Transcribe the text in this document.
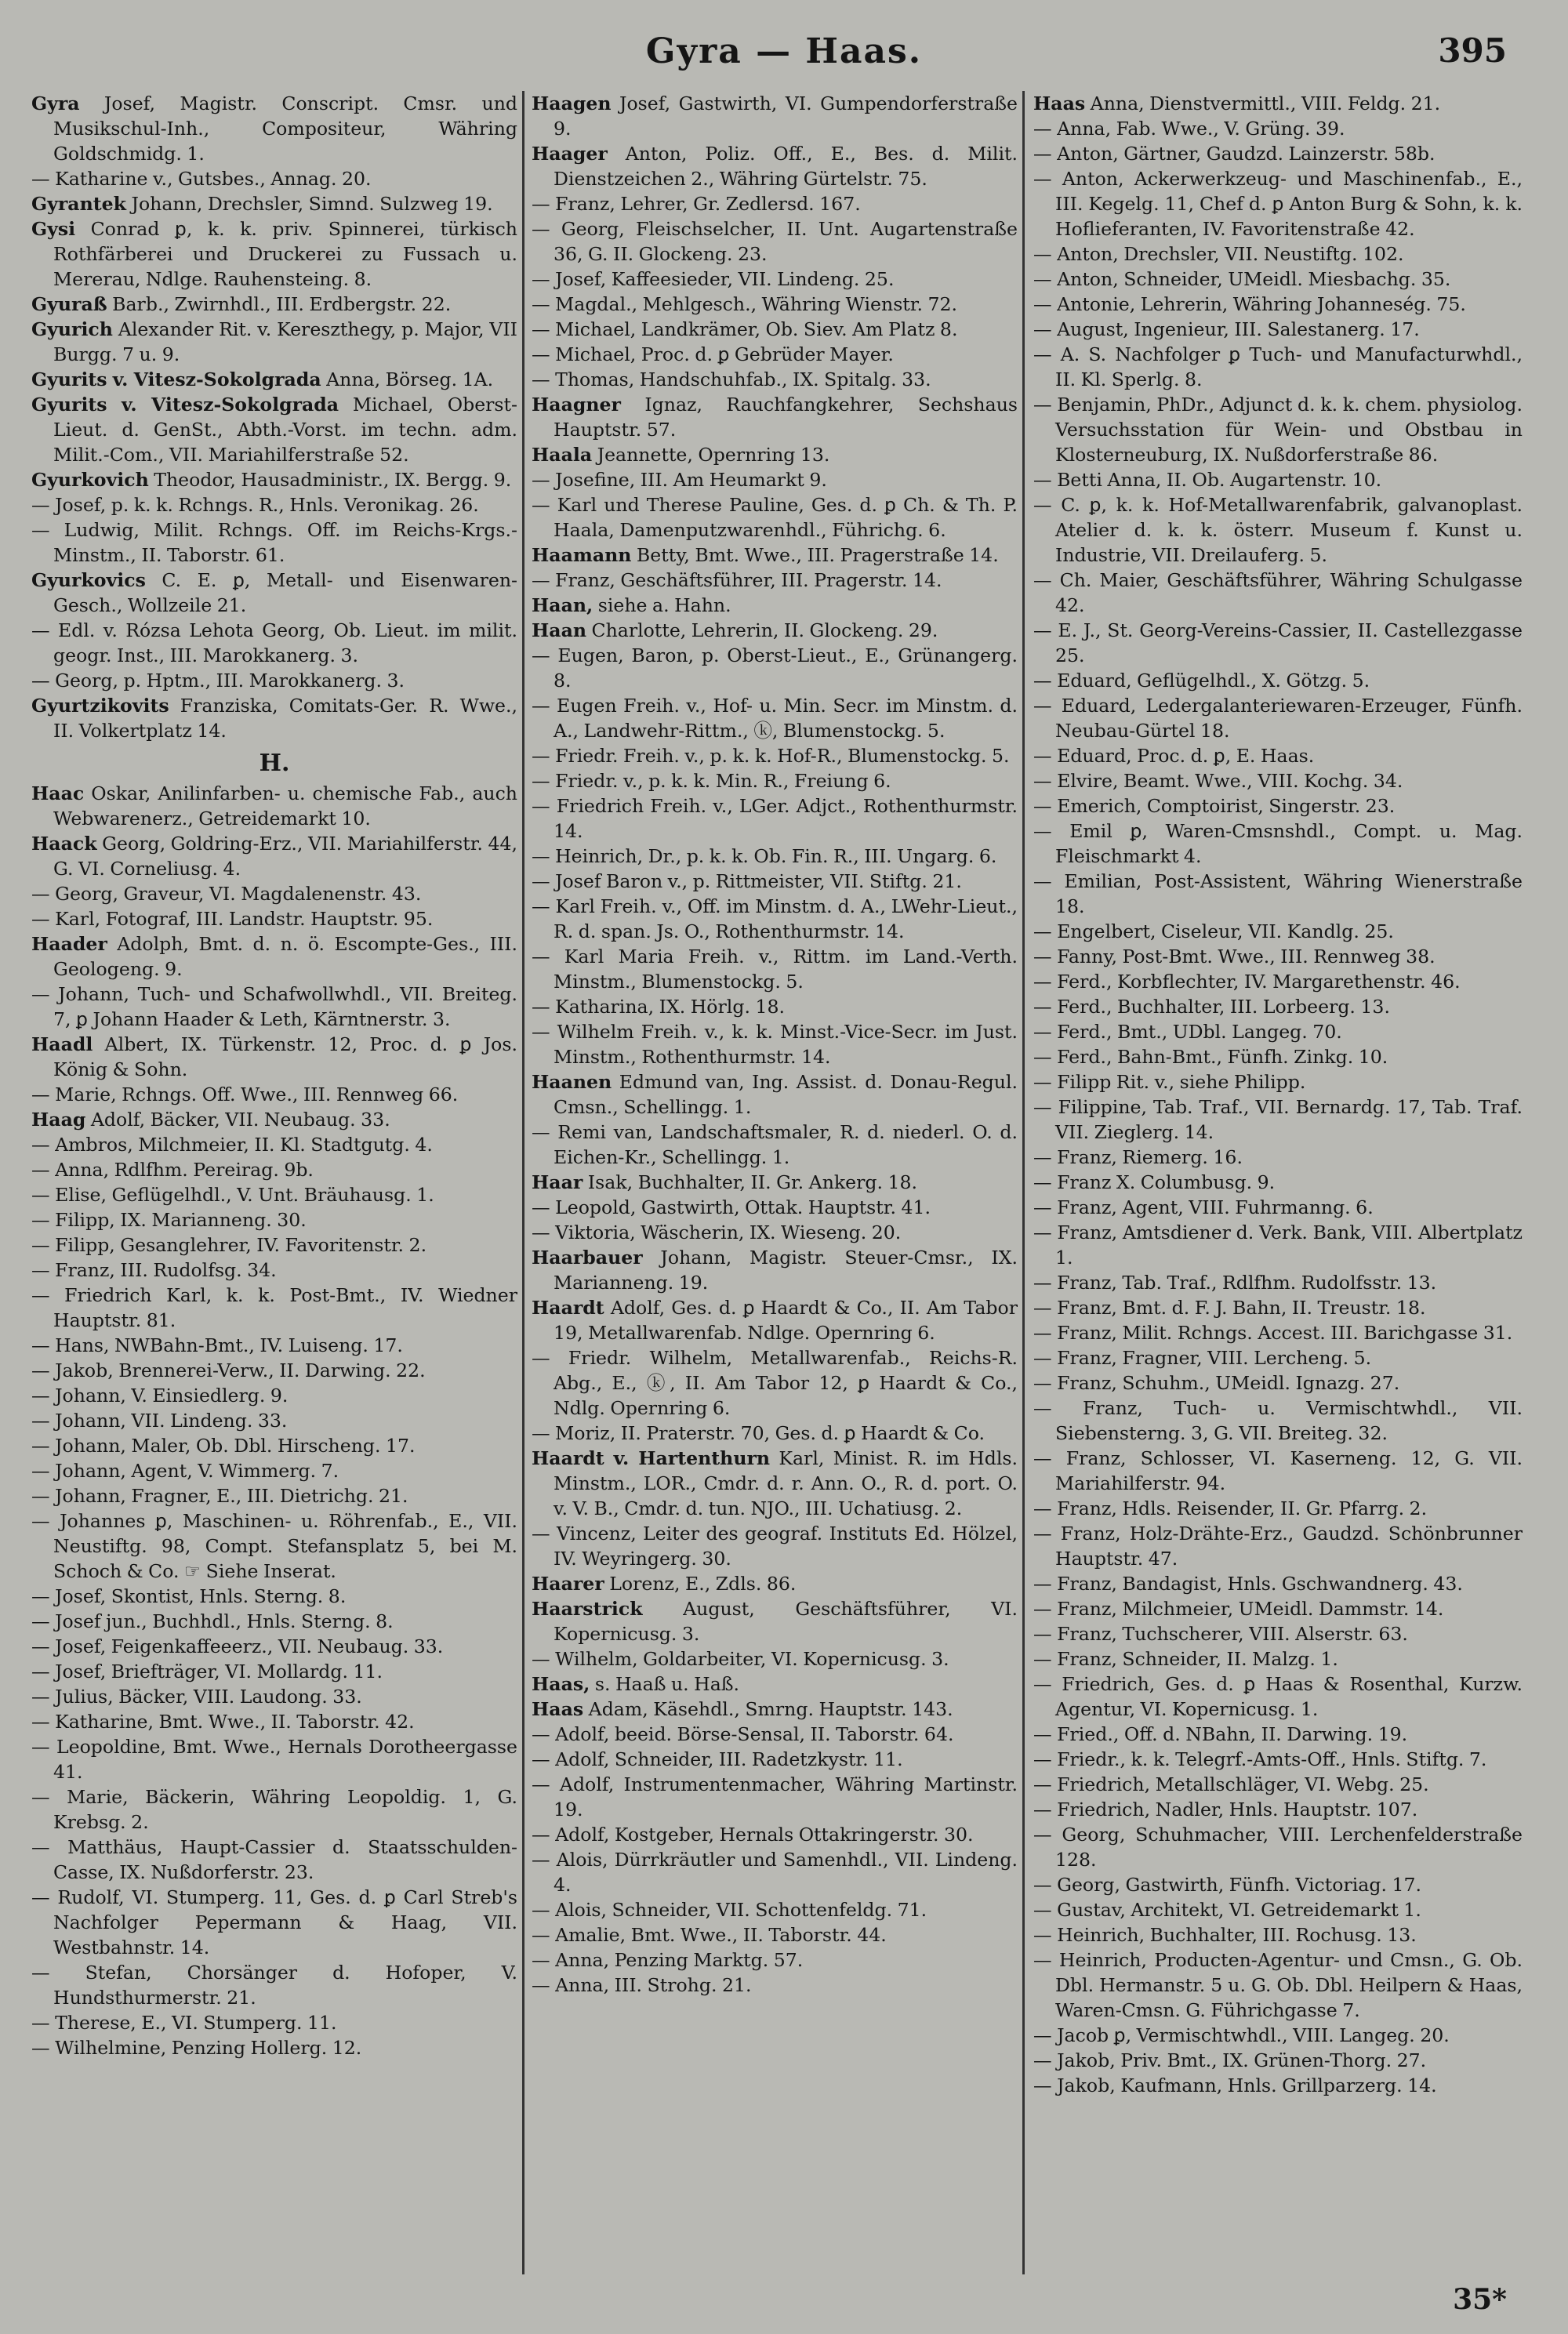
Gyra — Haas.	395

Gyra Josef, Magistr. Conscript. Cmsr. und Musikschul-Inh., Compositeur, Währing Goldschmidg. 1.

— Katharine v., Gutsbes., Annag. 20.

Gyrantek Johann, Drechsler, Simnd. Sulzweg 19.

Gysi Conrad ꝑ, k. k. priv. Spinnerei, türkisch Rothfärberei und Druckerei zu Fussach u. Mererau, Ndlge. Rauhensteing. 8.

Gyuraß Barb., Zwirnhdl., III. Erdbergstr. 22.

Gyurich Alexander Rit. v. Kereszthegy, p. Major, VII Burgg. 7 u. 9.

Gyurits v. Vitesz-Sokolgrada Anna, Börseg. 1A.

Gyurits v. Vitesz-Sokolgrada Michael, Oberst-Lieut. d. GenSt., Abth.-Vorst. im techn. adm. Milit.-Com., VII. Mariahilferstraße 52.

Gyurkovich Theodor, Hausadministr., IX. Bergg. 9.

— Josef, p. k. k. Rchngs. R., Hnls. Veronikag. 26.

— Ludwig, Milit. Rchngs. Off. im Reichs-Krgs.-Minstm., II. Taborstr. 61.

Gyurkovics C. E. ꝑ, Metall- und Eisenwaren-Gesch., Wollzeile 21.

— Edl. v. Rózsa Lehota Georg, Ob. Lieut. im milit. geogr. Inst., III. Marokkanerg. 3.

— Georg, p. Hptm., III. Marokkanerg. 3.

Gyurtzikovits Franziska, Comitats-Ger. R. Wwe., II. Volkertplatz 14.

H.

Haac Oskar, Anilinfarben- u. chemische Fab., auch Webwarenerz., Getreidemarkt 10.

Haack Georg, Goldring-Erz., VII. Mariahilferstr. 44, G. VI. Corneliusg. 4.

— Georg, Graveur, VI. Magdalenenstr. 43.

— Karl, Fotograf, III. Landstr. Hauptstr. 95.

Haader Adolph, Bmt. d. n. ö. Escompte-Ges., III. Geologeng. 9.

— Johann, Tuch- und Schafwollwhdl., VII. Breiteg. 7, ꝑ Johann Haader & Leth, Kärntnerstr. 3.

Haadl Albert, IX. Türkenstr. 12, Proc. d. ꝑ Jos. König & Sohn.

— Marie, Rchngs. Off. Wwe., III. Rennweg 66.

Haag Adolf, Bäcker, VII. Neubaug. 33.

— Ambros, Milchmeier, II. Kl. Stadtgutg. 4.

— Anna, Rdlfhm. Pereirag. 9b.

— Elise, Geflügelhdl., V. Unt. Bräuhausg. 1.

— Filipp, IX. Marianneng. 30.

— Filipp, Gesanglehrer, IV. Favoritenstr. 2.

— Franz, III. Rudolfsg. 34.

— Friedrich Karl, k. k. Post-Bmt., IV. Wiedner Hauptstr. 81.

— Hans, NWBahn-Bmt., IV. Luiseng. 17.

— Jakob, Brennerei-Verw., II. Darwing. 22.

— Johann, V. Einsiedlerg. 9.

— Johann, VII. Lindeng. 33.

— Johann, Maler, Ob. Dbl. Hirscheng. 17.

— Johann, Agent, V. Wimmerg. 7.

— Johann, Fragner, E., III. Dietrichg. 21.

— Johannes ꝑ, Maschinen- u. Röhrenfab., E., VII. Neustiftg. 98, Compt. Stefansplatz 5, bei M. Schoch & Co. ☞ Siehe Inserat.

— Josef, Skontist, Hnls. Sterng. 8.

— Josef jun., Buchhdl., Hnls. Sterng. 8.

— Josef, Feigenkaffeeerz., VII. Neubaug. 33.

— Josef, Briefträger, VI. Mollardg. 11.

— Julius, Bäcker, VIII. Laudong. 33.

— Katharine, Bmt. Wwe., II. Taborstr. 42.

— Leopoldine, Bmt. Wwe., Hernals Dorotheergasse 41.

— Marie, Bäckerin, Währing Leopoldig. 1, G. Krebsg. 2.

— Matthäus, Haupt-Cassier d. Staatsschulden-Casse, IX. Nußdorferstr. 23.

— Rudolf, VI. Stumperg. 11, Ges. d. ꝑ Carl Streb's Nachfolger Pepermann & Haag, VII. Westbahnstr. 14.

— Stefan, Chorsänger d. Hofoper, V. Hundsthurmerstr. 21.

— Therese, E., VI. Stumperg. 11.

— Wilhelmine, Penzing Hollerg. 12.

Haagen Josef, Gastwirth, VI. Gumpendorferstraße 9.

Haager Anton, Poliz. Off., E., Bes. d. Milit. Dienstzeichen 2., Währing Gürtelstr. 75.

— Franz, Lehrer, Gr. Zedlersd. 167.

— Georg, Fleischselcher, II. Unt. Augartenstraße 36, G. II. Glockeng. 23.

— Josef, Kaffeesieder, VII. Lindeng. 25.

— Magdal., Mehlgesch., Währing Wienstr. 72.

— Michael, Landkrämer, Ob. Siev. Am Platz 8.

— Michael, Proc. d. ꝑ Gebrüder Mayer.

— Thomas, Handschuhfab., IX. Spitalg. 33.

Haagner Ignaz, Rauchfangkehrer, Sechshaus Hauptstr. 57.

Haala Jeannette, Opernring 13.

— Josefine, III. Am Heumarkt 9.

— Karl und Therese Pauline, Ges. d. ꝑ Ch. & Th. P. Haala, Damenputzwarenhdl., Führichg. 6.

Haamann Betty, Bmt. Wwe., III. Pragerstraße 14.

— Franz, Geschäftsführer, III. Pragerstr. 14.

Haan, siehe a. Hahn.

Haan Charlotte, Lehrerin, II. Glockeng. 29.

— Eugen, Baron, p. Oberst-Lieut., E., Grünangerg. 8.

— Eugen Freih. v., Hof- u. Min. Secr. im Minstm. d. A., Landwehr-Rittm., ⓚ, Blumenstockg. 5.

— Friedr. Freih. v., p. k. k. Hof-R., Blumenstockg. 5.

— Friedr. v., p. k. k. Min. R., Freiung 6.

— Friedrich Freih. v., LGer. Adjct., Rothenthurmstr. 14.

— Heinrich, Dr., p. k. k. Ob. Fin. R., III. Ungarg. 6.

— Josef Baron v., p. Rittmeister, VII. Stiftg. 21.

— Karl Freih. v., Off. im Minstm. d. A., LWehr-Lieut., R. d. span. Js. O., Rothenthurmstr. 14.

— Karl Maria Freih. v., Rittm. im Land.-Verth. Minstm., Blumenstockg. 5.

— Katharina, IX. Hörlg. 18.

— Wilhelm Freih. v., k. k. Minst.-Vice-Secr. im Just. Minstm., Rothenthurmstr. 14.

Haanen Edmund van, Ing. Assist. d. Donau-Regul. Cmsn., Schellingg. 1.

— Remi van, Landschaftsmaler, R. d. niederl. O. d. Eichen-Kr., Schellingg. 1.

Haar Isak, Buchhalter, II. Gr. Ankerg. 18.

— Leopold, Gastwirth, Ottak. Hauptstr. 41.

— Viktoria, Wäscherin, IX. Wieseng. 20.

Haarbauer Johann, Magistr. Steuer-Cmsr., IX. Marianneng. 19.

Haardt Adolf, Ges. d. ꝑ Haardt & Co., II. Am Tabor 19, Metallwarenfab. Ndlge. Opernring 6.

— Friedr. Wilhelm, Metallwarenfab., Reichs-R. Abg., E., ⓚ, II. Am Tabor 12, ꝑ Haardt & Co., Ndlg. Opernring 6.

— Moriz, II. Praterstr. 70, Ges. d. ꝑ Haardt & Co.

Haardt v. Hartenthurn Karl, Minist. R. im Hdls. Minstm., LOR., Cmdr. d. r. Ann. O., R. d. port. O. v. V. B., Cmdr. d. tun. NJO., III. Uchatiusg. 2.

— Vincenz, Leiter des geograf. Instituts Ed. Hölzel, IV. Weyringerg. 30.

Haarer Lorenz, E., Zdls. 86.

Haarstrick August, Geschäftsführer, VI. Kopernicusg. 3.

— Wilhelm, Goldarbeiter, VI. Kopernicusg. 3.

Haas, s. Haaß u. Haß.

Haas Adam, Käsehdl., Smrng. Hauptstr. 143.

— Adolf, beeid. Börse-Sensal, II. Taborstr. 64.

— Adolf, Schneider, III. Radetzkystr. 11.

— Adolf, Instrumentenmacher, Währing Martinstr. 19.

— Adolf, Kostgeber, Hernals Ottakringerstr. 30.

— Alois, Dürrkräutler und Samenhdl., VII. Lindeng. 4.

— Alois, Schneider, VII. Schottenfeldg. 71.

— Amalie, Bmt. Wwe., II. Taborstr. 44.

— Anna, Penzing Marktg. 57.

— Anna, III. Strohg. 21.

Haas Anna, Dienstvermittl., VIII. Feldg. 21.

— Anna, Fab. Wwe., V. Grüng. 39.

— Anton, Gärtner, Gaudzd. Lainzerstr. 58b.

— Anton, Ackerwerkzeug- und Maschinenfab., E., III. Kegelg. 11, Chef d. ꝑ Anton Burg & Sohn, k. k. Hoflieferanten, IV. Favoritenstraße 42.

— Anton, Drechsler, VII. Neustiftg. 102.

— Anton, Schneider, UMeidl. Miesbachg. 35.

— Antonie, Lehrerin, Währing Johanneség. 75.

— August, Ingenieur, III. Salestanerg. 17.

— A. S. Nachfolger ꝑ Tuch- und Manufacturwhdl., II. Kl. Sperlg. 8.

— Benjamin, PhDr., Adjunct d. k. k. chem. physiolog. Versuchsstation für Wein- und Obstbau in Klosterneuburg, IX. Nußdorferstraße 86.

— Betti Anna, II. Ob. Augartenstr. 10.

— C. ꝑ, k. k. Hof-Metallwarenfabrik, galvanoplast. Atelier d. k. k. österr. Museum f. Kunst u. Industrie, VII. Dreilauferg. 5.

— Ch. Maier, Geschäftsführer, Währing Schulgasse 42.

— E. J., St. Georg-Vereins-Cassier, II. Castellezgasse 25.

— Eduard, Geflügelhdl., X. Götzg. 5.

— Eduard, Ledergalanteriewaren-Erzeuger, Fünfh. Neubau-Gürtel 18.

— Eduard, Proc. d. ꝑ, E. Haas.

— Elvire, Beamt. Wwe., VIII. Kochg. 34.

— Emerich, Comptoirist, Singerstr. 23.

— Emil ꝑ, Waren-Cmsnshdl., Compt. u. Mag. Fleischmarkt 4.

— Emilian, Post-Assistent, Währing Wienerstraße 18.

— Engelbert, Ciseleur, VII. Kandlg. 25.

— Fanny, Post-Bmt. Wwe., III. Rennweg 38.

— Ferd., Korbflechter, IV. Margarethenstr. 46.

— Ferd., Buchhalter, III. Lorbeerg. 13.

— Ferd., Bmt., UDbl. Langeg. 70.

— Ferd., Bahn-Bmt., Fünfh. Zinkg. 10.

— Filipp Rit. v., siehe Philipp.

— Filippine, Tab. Traf., VII. Bernardg. 17, Tab. Traf. VII. Zieglerg. 14.

— Franz, Riemerg. 16.

— Franz X. Columbusg. 9.

— Franz, Agent, VIII. Fuhrmanng. 6.

— Franz, Amtsdiener d. Verk. Bank, VIII. Albertplatz 1.

— Franz, Tab. Traf., Rdlfhm. Rudolfsstr. 13.

— Franz, Bmt. d. F. J. Bahn, II. Treustr. 18.

— Franz, Milit. Rchngs. Accest. III. Barichgasse 31.

— Franz, Fragner, VIII. Lercheng. 5.

— Franz, Schuhm., UMeidl. Ignazg. 27.

— Franz, Tuch- u. Vermischtwhdl., VII. Siebensterng. 3, G. VII. Breiteg. 32.

— Franz, Schlosser, VI. Kaserneng. 12, G. VII. Mariahilferstr. 94.

— Franz, Hdls. Reisender, II. Gr. Pfarrg. 2.

— Franz, Holz-Drähte-Erz., Gaudzd. Schönbrunner Hauptstr. 47.

— Franz, Bandagist, Hnls. Gschwandnerg. 43.

— Franz, Milchmeier, UMeidl. Dammstr. 14.

— Franz, Tuchscherer, VIII. Alserstr. 63.

— Franz, Schneider, II. Malzg. 1.

— Friedrich, Ges. d. ꝑ Haas & Rosenthal, Kurzw. Agentur, VI. Kopernicusg. 1.

— Fried., Off. d. NBahn, II. Darwing. 19.

— Friedr., k. k. Telegrf.-Amts-Off., Hnls. Stiftg. 7.

— Friedrich, Metallschläger, VI. Webg. 25.

— Friedrich, Nadler, Hnls. Hauptstr. 107.

— Georg, Schuhmacher, VIII. Lerchenfelderstraße 128.

— Georg, Gastwirth, Fünfh. Victoriag. 17.

— Gustav, Architekt, VI. Getreidemarkt 1.

— Heinrich, Buchhalter, III. Rochusg. 13.

— Heinrich, Producten-Agentur- und Cmsn., G. Ob. Dbl. Hermanstr. 5 u. G. Ob. Dbl. Heilpern & Haas, Waren-Cmsn. G. Führichgasse 7.

— Jacob ꝑ, Vermischtwhdl., VIII. Langeg. 20.

— Jakob, Priv. Bmt., IX. Grünen-Thorg. 27.

— Jakob, Kaufmann, Hnls. Grillparzerg. 14.

35*
